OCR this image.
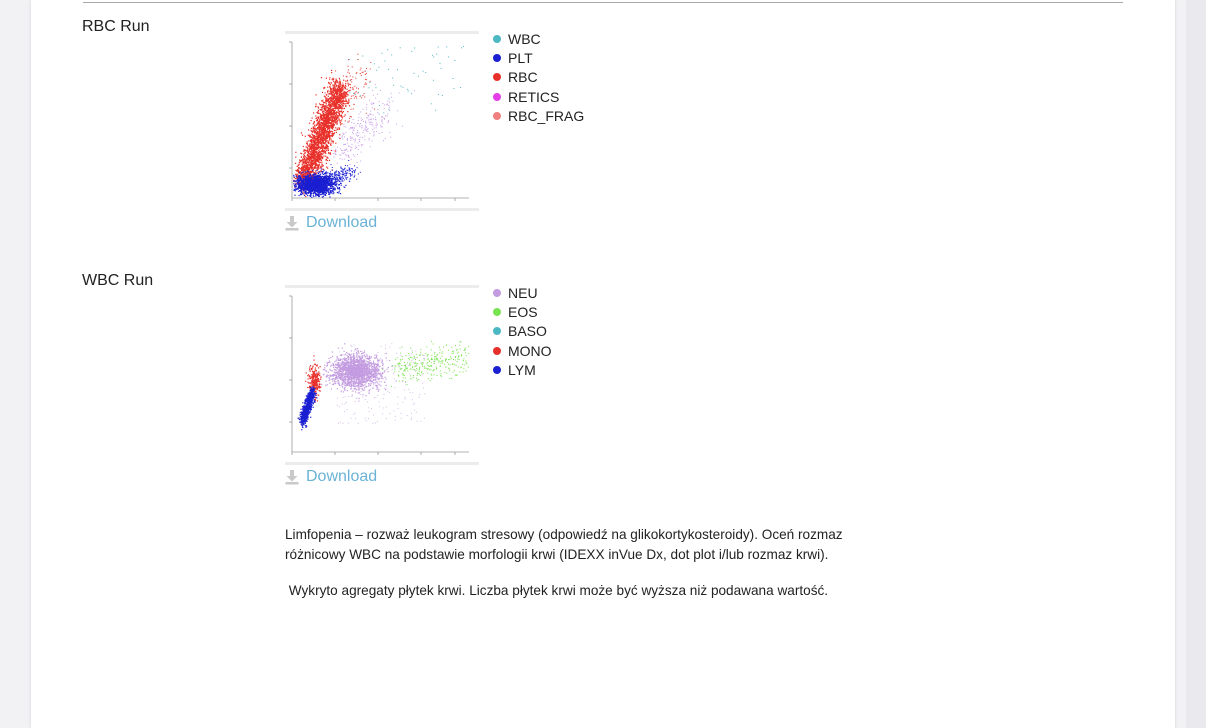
RBC Run
WBC
PLT
RBC
RETICS
RBC_FRAG
Download
WBC Run
NEU
EOS
BASO
MONO
LYM
Download

Limfopenia – rozważ leukogram stresowy (odpowiedź na glikokortykosteroidy). Oceń rozmaz
różnicowy WBC na podstawie morfologii krwi (IDEXX inVue Dx, dot plot i/lub rozmaz krwi).

Wykryto agregaty płytek krwi. Liczba płytek krwi może być wyższa niż podawana wartość.
